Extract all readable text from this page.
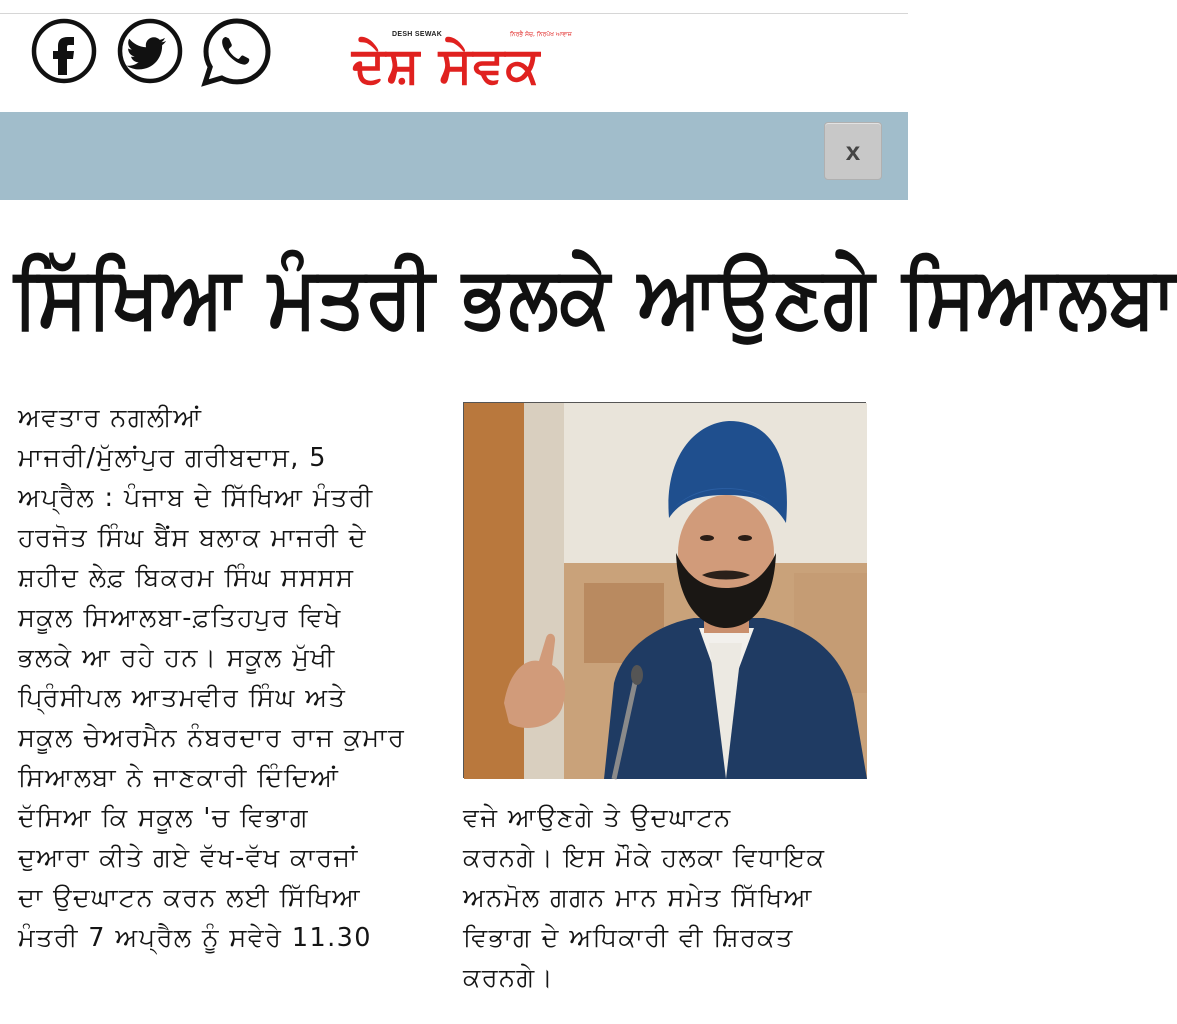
DESH SEWAK	ਨਿਰਭੈ ਸੋਚ, ਨਿਰਪੱਖ ਆਵਾਜ਼
ਦੇਸ਼ ਸੇਵਕ
x
ਸਿੱਖਿਆ ਮੰਤਰੀ ਭਲਕੇ ਆਉਣਗੇ ਸਿਆਲਬਾ
ਅਵਤਾਰ ਨਗਲੀਆਂ
ਮਾਜਰੀ/ਮੁੱਲਾਂਪੁਰ ਗਰੀਬਦਾਸ, 5
ਅਪ੍ਰੈਲ : ਪੰਜਾਬ ਦੇ ਸਿੱਖਿਆ ਮੰਤਰੀ
ਹਰਜੋਤ ਸਿੰਘ ਬੈਂਸ ਬਲਾਕ ਮਾਜਰੀ ਦੇ
ਸ਼ਹੀਦ ਲੇਫ਼ ਬਿਕਰਮ ਸਿੰਘ ਸਸਸਸ
ਸਕੂਲ ਸਿਆਲਬਾ-ਫ਼ਤਿਹਪੁਰ ਵਿਖੇ
ਭਲਕੇ ਆ ਰਹੇ ਹਨ। ਸਕੂਲ ਮੁੱਖੀ
ਪ੍ਰਿੰਸੀਪਲ ਆਤਮਵੀਰ ਸਿੰਘ ਅਤੇ
ਸਕੂਲ ਚੇਅਰਮੈਨ ਨੰਬਰਦਾਰ ਰਾਜ ਕੁਮਾਰ
ਸਿਆਲਬਾ ਨੇ ਜਾਣਕਾਰੀ ਦਿੰਦਿਆਂ
ਦੱਸਿਆ ਕਿ ਸਕੂਲ 'ਚ ਵਿਭਾਗ
ਦੁਆਰਾ ਕੀਤੇ ਗਏ ਵੱਖ-ਵੱਖ ਕਾਰਜਾਂ
ਦਾ ਉਦਘਾਟਨ ਕਰਨ ਲਈ ਸਿੱਖਿਆ
ਮੰਤਰੀ 7 ਅਪ੍ਰੈਲ ਨੂੰ ਸਵੇਰੇ 11.30
ਵਜੇ ਆਉਣਗੇ ਤੇ ਉਦਘਾਟਨ
ਕਰਨਗੇ। ਇਸ ਮੌਕੇ ਹਲਕਾ ਵਿਧਾਇਕ
ਅਨਮੋਲ ਗਗਨ ਮਾਨ ਸਮੇਤ ਸਿੱਖਿਆ
ਵਿਭਾਗ ਦੇ ਅਧਿਕਾਰੀ ਵੀ ਸ਼ਿਰਕਤ
ਕਰਨਗੇ।
